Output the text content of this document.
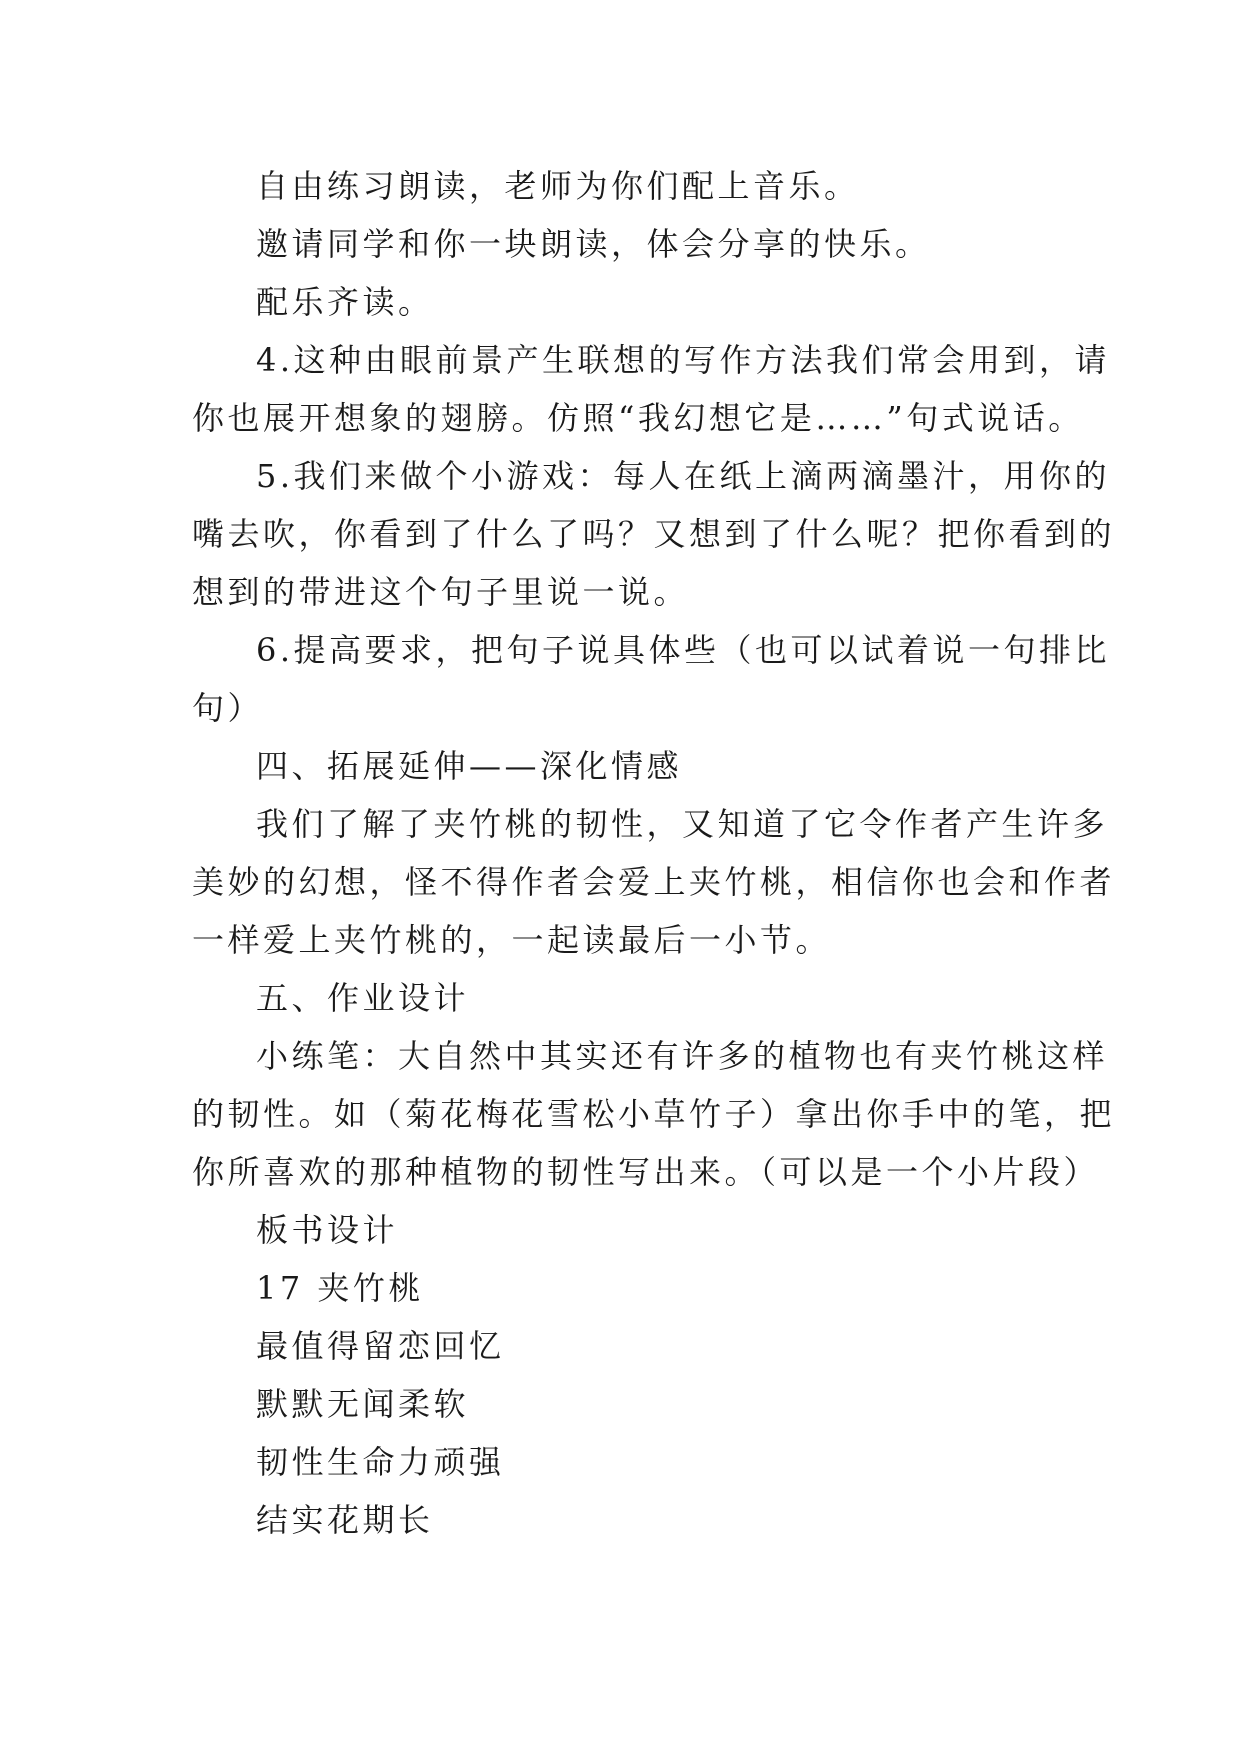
自由练习朗读，老师为你们配上音乐。
邀请同学和你一块朗读，体会分享的快乐。
配乐齐读。
4.这种由眼前景产生联想的写作方法我们常会用到，请
你也展开想象的翅膀。仿照“我幻想它是……”句式说话。
5.我们来做个小游戏：每人在纸上滴两滴墨汁，用你的
嘴去吹，你看到了什么了吗？又想到了什么呢？把你看到的
想到的带进这个句子里说一说。
6.提高要求，把句子说具体些（也可以试着说一句排比
句）
四、拓展延伸——深化情感
我们了解了夹竹桃的韧性，又知道了它令作者产生许多
美妙的幻想，怪不得作者会爱上夹竹桃，相信你也会和作者
一样爱上夹竹桃的，一起读最后一小节。
五、作业设计
小练笔：大自然中其实还有许多的植物也有夹竹桃这样
的韧性。如（菊花梅花雪松小草竹子）拿出你手中的笔，把
你所喜欢的那种植物的韧性写出来。（可以是一个小片段）
板书设计
17 夹竹桃
最值得留恋回忆
默默无闻柔软
韧性生命力顽强
结实花期长
